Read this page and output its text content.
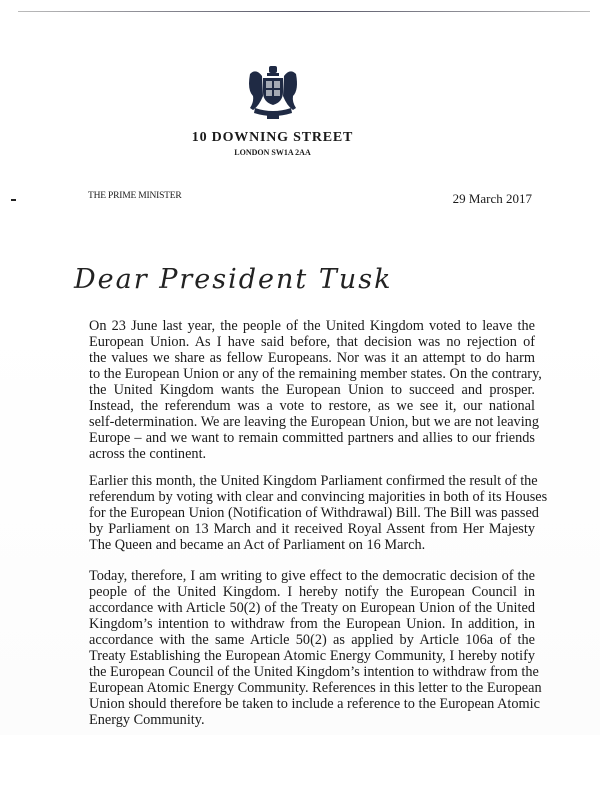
10 DOWNING STREET
LONDON SW1A 2AA
THE PRIME MINISTER	29 March 2017
Dear President Tusk
On 23 June last year, the people of the United Kingdom voted to leave the
European Union. As I have said before, that decision was no rejection of
the values we share as fellow Europeans. Nor was it an attempt to do harm
to the European Union or any of the remaining member states. On the contrary,
the United Kingdom wants the European Union to succeed and prosper.
Instead, the referendum was a vote to restore, as we see it, our national
self-determination. We are leaving the European Union, but we are not leaving
Europe – and we want to remain committed partners and allies to our friends
across the continent.
Earlier this month, the United Kingdom Parliament confirmed the result of the
referendum by voting with clear and convincing majorities in both of its Houses
for the European Union (Notification of Withdrawal) Bill. The Bill was passed
by Parliament on 13 March and it received Royal Assent from Her Majesty
The Queen and became an Act of Parliament on 16 March.
Today, therefore, I am writing to give effect to the democratic decision of the
people of the United Kingdom. I hereby notify the European Council in
accordance with Article 50(2) of the Treaty on European Union of the United
Kingdom’s intention to withdraw from the European Union. In addition, in
accordance with the same Article 50(2) as applied by Article 106a of the
Treaty Establishing the European Atomic Energy Community, I hereby notify
the European Council of the United Kingdom’s intention to withdraw from the
European Atomic Energy Community. References in this letter to the European
Union should therefore be taken to include a reference to the European Atomic
Energy Community.
